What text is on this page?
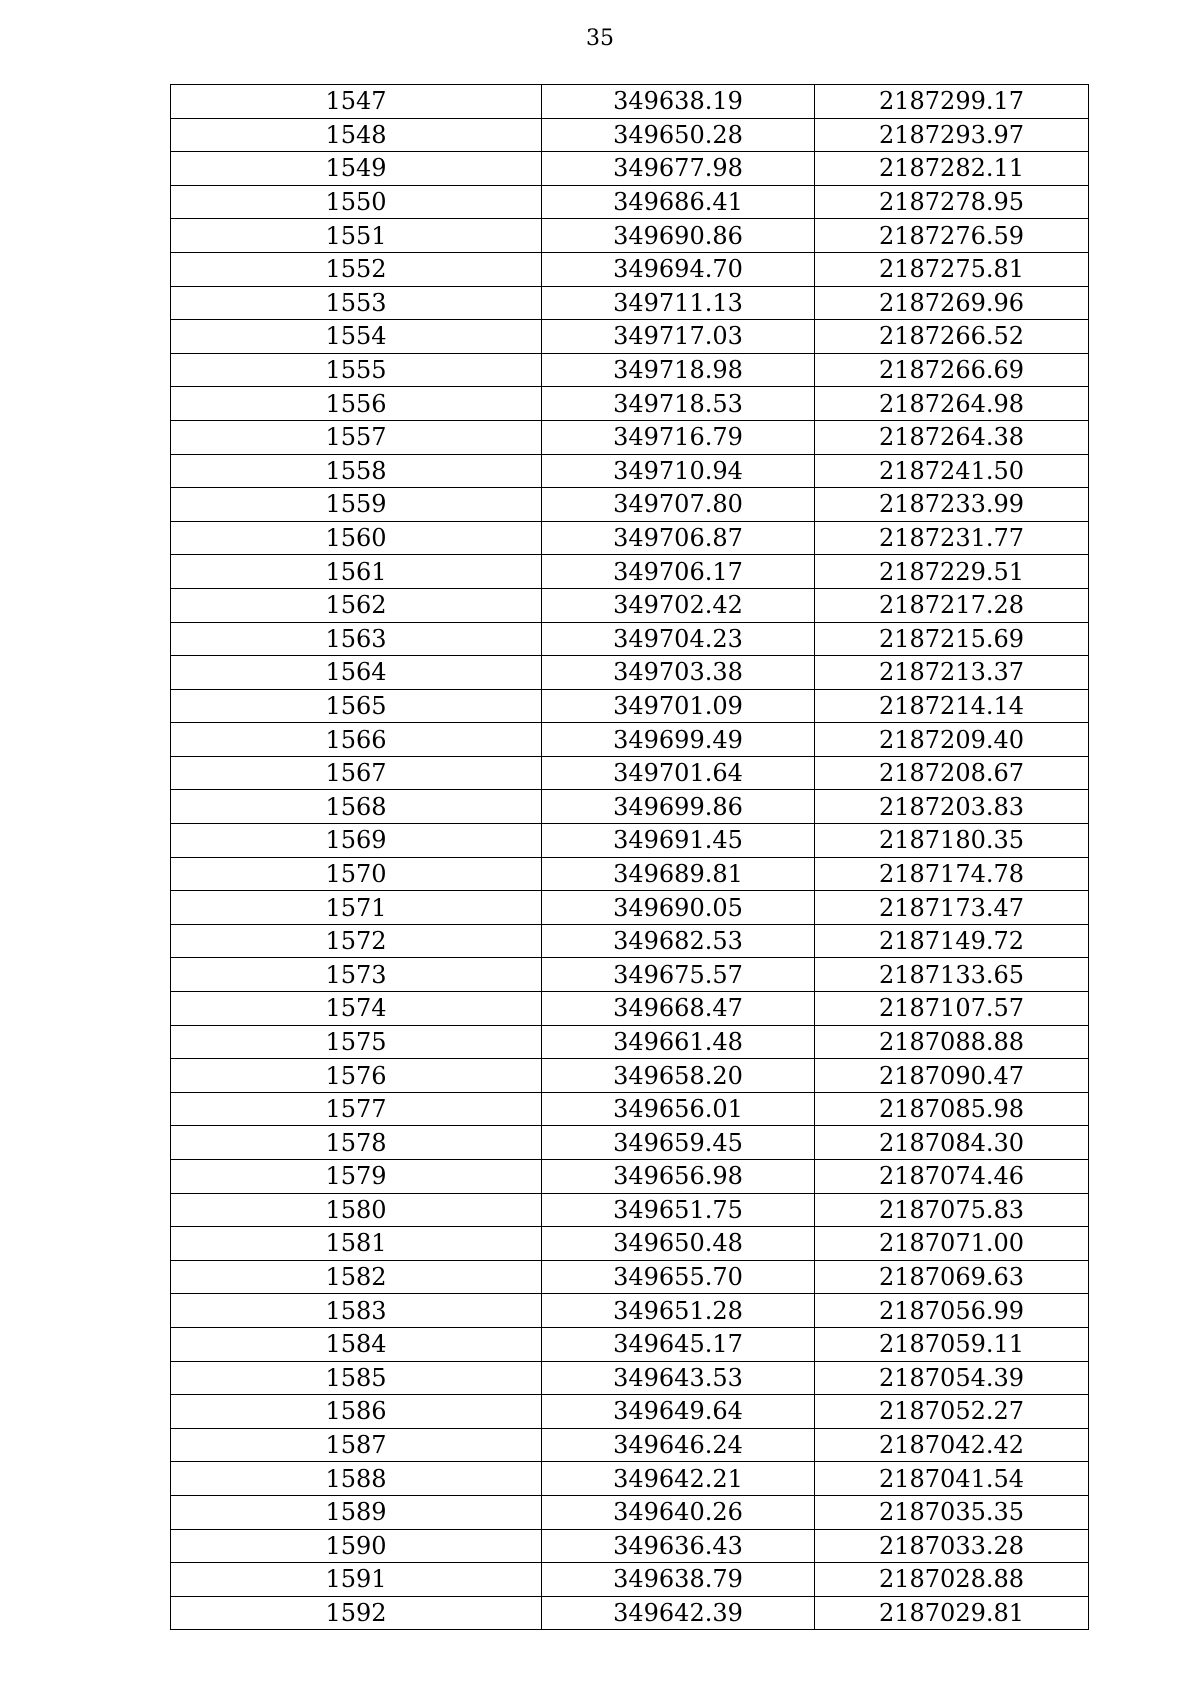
35
1547	349638.19	2187299.17
1548	349650.28	2187293.97
1549	349677.98	2187282.11
1550	349686.41	2187278.95
1551	349690.86	2187276.59
1552	349694.70	2187275.81
1553	349711.13	2187269.96
1554	349717.03	2187266.52
1555	349718.98	2187266.69
1556	349718.53	2187264.98
1557	349716.79	2187264.38
1558	349710.94	2187241.50
1559	349707.80	2187233.99
1560	349706.87	2187231.77
1561	349706.17	2187229.51
1562	349702.42	2187217.28
1563	349704.23	2187215.69
1564	349703.38	2187213.37
1565	349701.09	2187214.14
1566	349699.49	2187209.40
1567	349701.64	2187208.67
1568	349699.86	2187203.83
1569	349691.45	2187180.35
1570	349689.81	2187174.78
1571	349690.05	2187173.47
1572	349682.53	2187149.72
1573	349675.57	2187133.65
1574	349668.47	2187107.57
1575	349661.48	2187088.88
1576	349658.20	2187090.47
1577	349656.01	2187085.98
1578	349659.45	2187084.30
1579	349656.98	2187074.46
1580	349651.75	2187075.83
1581	349650.48	2187071.00
1582	349655.70	2187069.63
1583	349651.28	2187056.99
1584	349645.17	2187059.11
1585	349643.53	2187054.39
1586	349649.64	2187052.27
1587	349646.24	2187042.42
1588	349642.21	2187041.54
1589	349640.26	2187035.35
1590	349636.43	2187033.28
1591	349638.79	2187028.88
1592	349642.39	2187029.81
